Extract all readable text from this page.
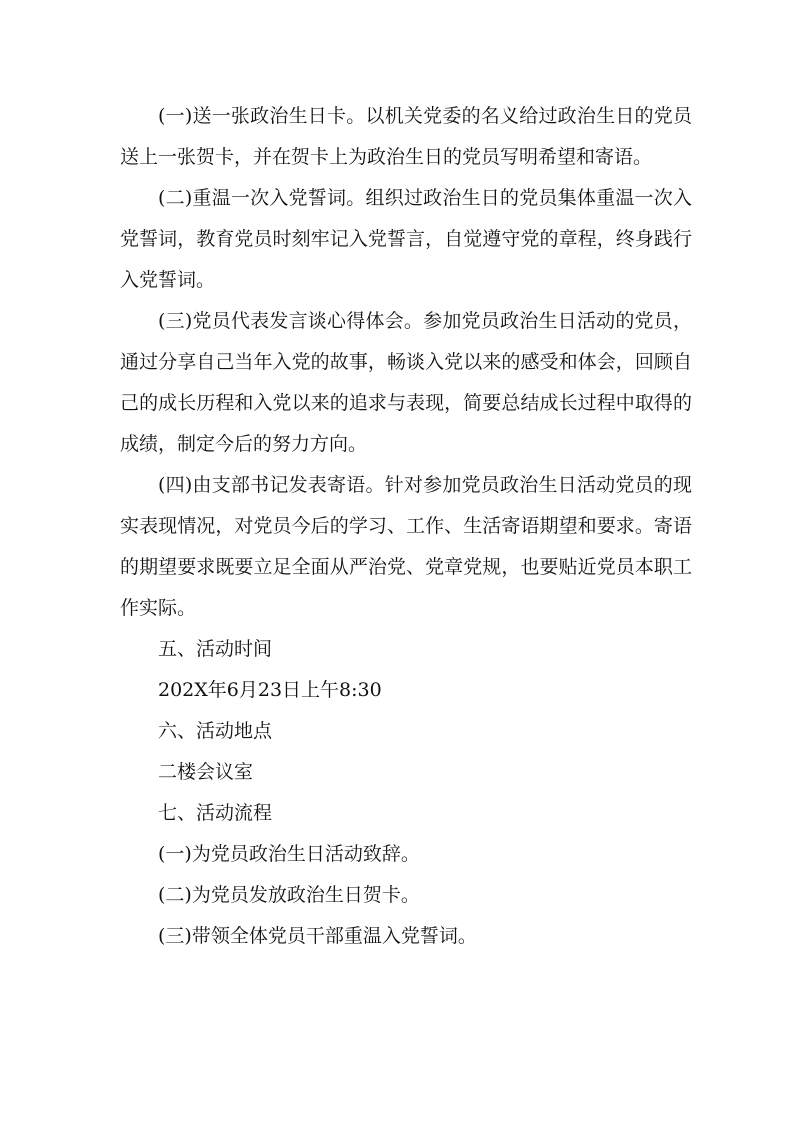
(一)送一张政治生日卡。以机关党委的名义给过政治生日的党员送上一张贺卡，并在贺卡上为政治生日的党员写明希望和寄语。

(二)重温一次入党誓词。组织过政治生日的党员集体重温一次入党誓词，教育党员时刻牢记入党誓言，自觉遵守党的章程，终身践行入党誓词。

(三)党员代表发言谈心得体会。参加党员政治生日活动的党员，通过分享自己当年入党的故事，畅谈入党以来的感受和体会，回顾自己的成长历程和入党以来的追求与表现，简要总结成长过程中取得的成绩，制定今后的努力方向。

(四)由支部书记发表寄语。针对参加党员政治生日活动党员的现实表现情况，对党员今后的学习、工作、生活寄语期望和要求。寄语的期望要求既要立足全面从严治党、党章党规，也要贴近党员本职工作实际。

五、活动时间

202X年6月23日上午8:30

六、活动地点

二楼会议室

七、活动流程

(一)为党员政治生日活动致辞。

(二)为党员发放政治生日贺卡。

(三)带领全体党员干部重温入党誓词。
